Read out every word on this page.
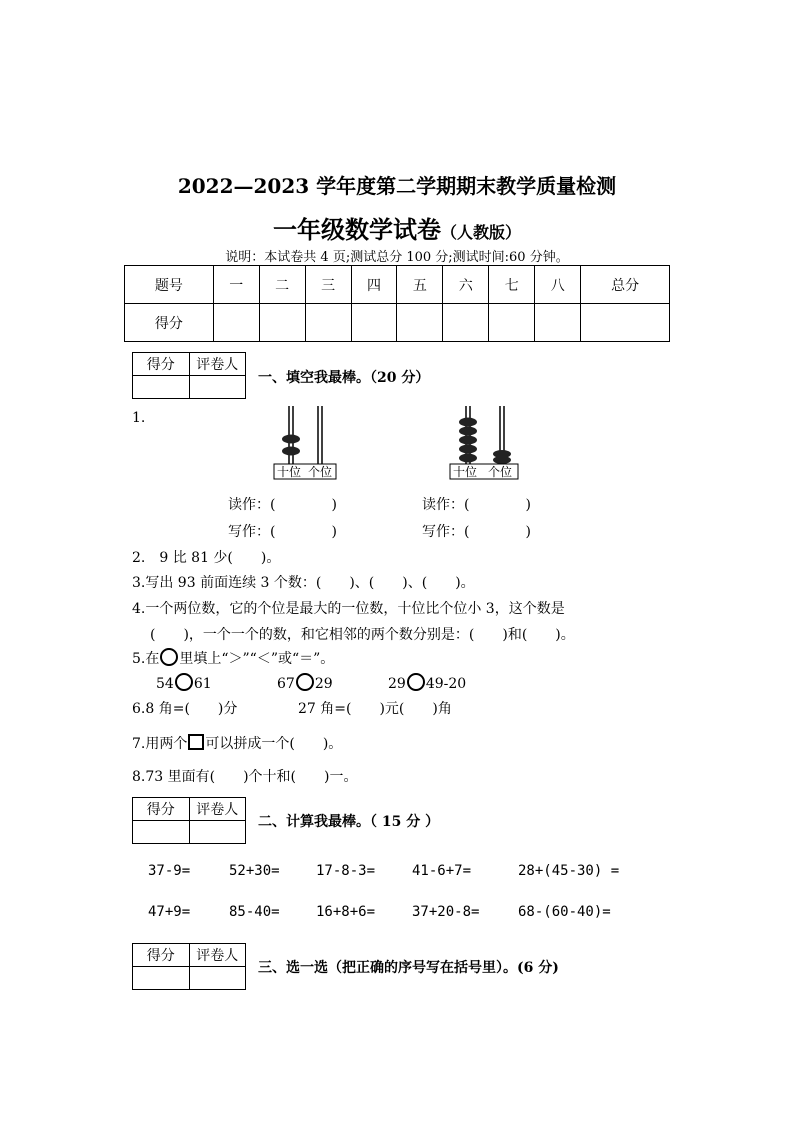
2022—2023 学年度第二学期期末教学质量检测
一年级数学试卷（人教版）
说明：本试卷共 4 页;测试总分 100 分;测试时间:60 分钟。
题号	一	二	三	四	五	六	七	八	总分
得分									
得分	评卷人

一、填空我最棒。（20 分）
1.
十位 个位	十位 个位
读作：(　　　　)	读作：(　　　　)
写作：(　　　　)	写作：(　　　　)
2.　9 比 81 少(　　)。
3.写出 93 前面连续 3 个数：(　　)、(　　)、(　　)。
4.一个两位数，它的个位是最大的一位数，十位比个位小 3，这个数是
(　　)，一个一个的数，和它相邻的两个数分别是：(　　)和(　　)。
5.在 里填上“＞”“＜”或“＝”。
54 61	67 29	29 49-20
6.8 角=(　　)分	27 角=(　　)元(　　)角
7.用两个 可以拼成一个(　　)。
8.73 里面有(　　)个十和(　　)一。
得分	评卷人

二、计算我最棒。（ 15 分 ）
37-9=	52+30=	17-8-3=	41-6+7=	28+(45-30) =
47+9=	85-40=	16+8+6=	37+20-8=	68-(60-40)=
得分	评卷人

三、选一选（把正确的序号写在括号里）。(6 分)
